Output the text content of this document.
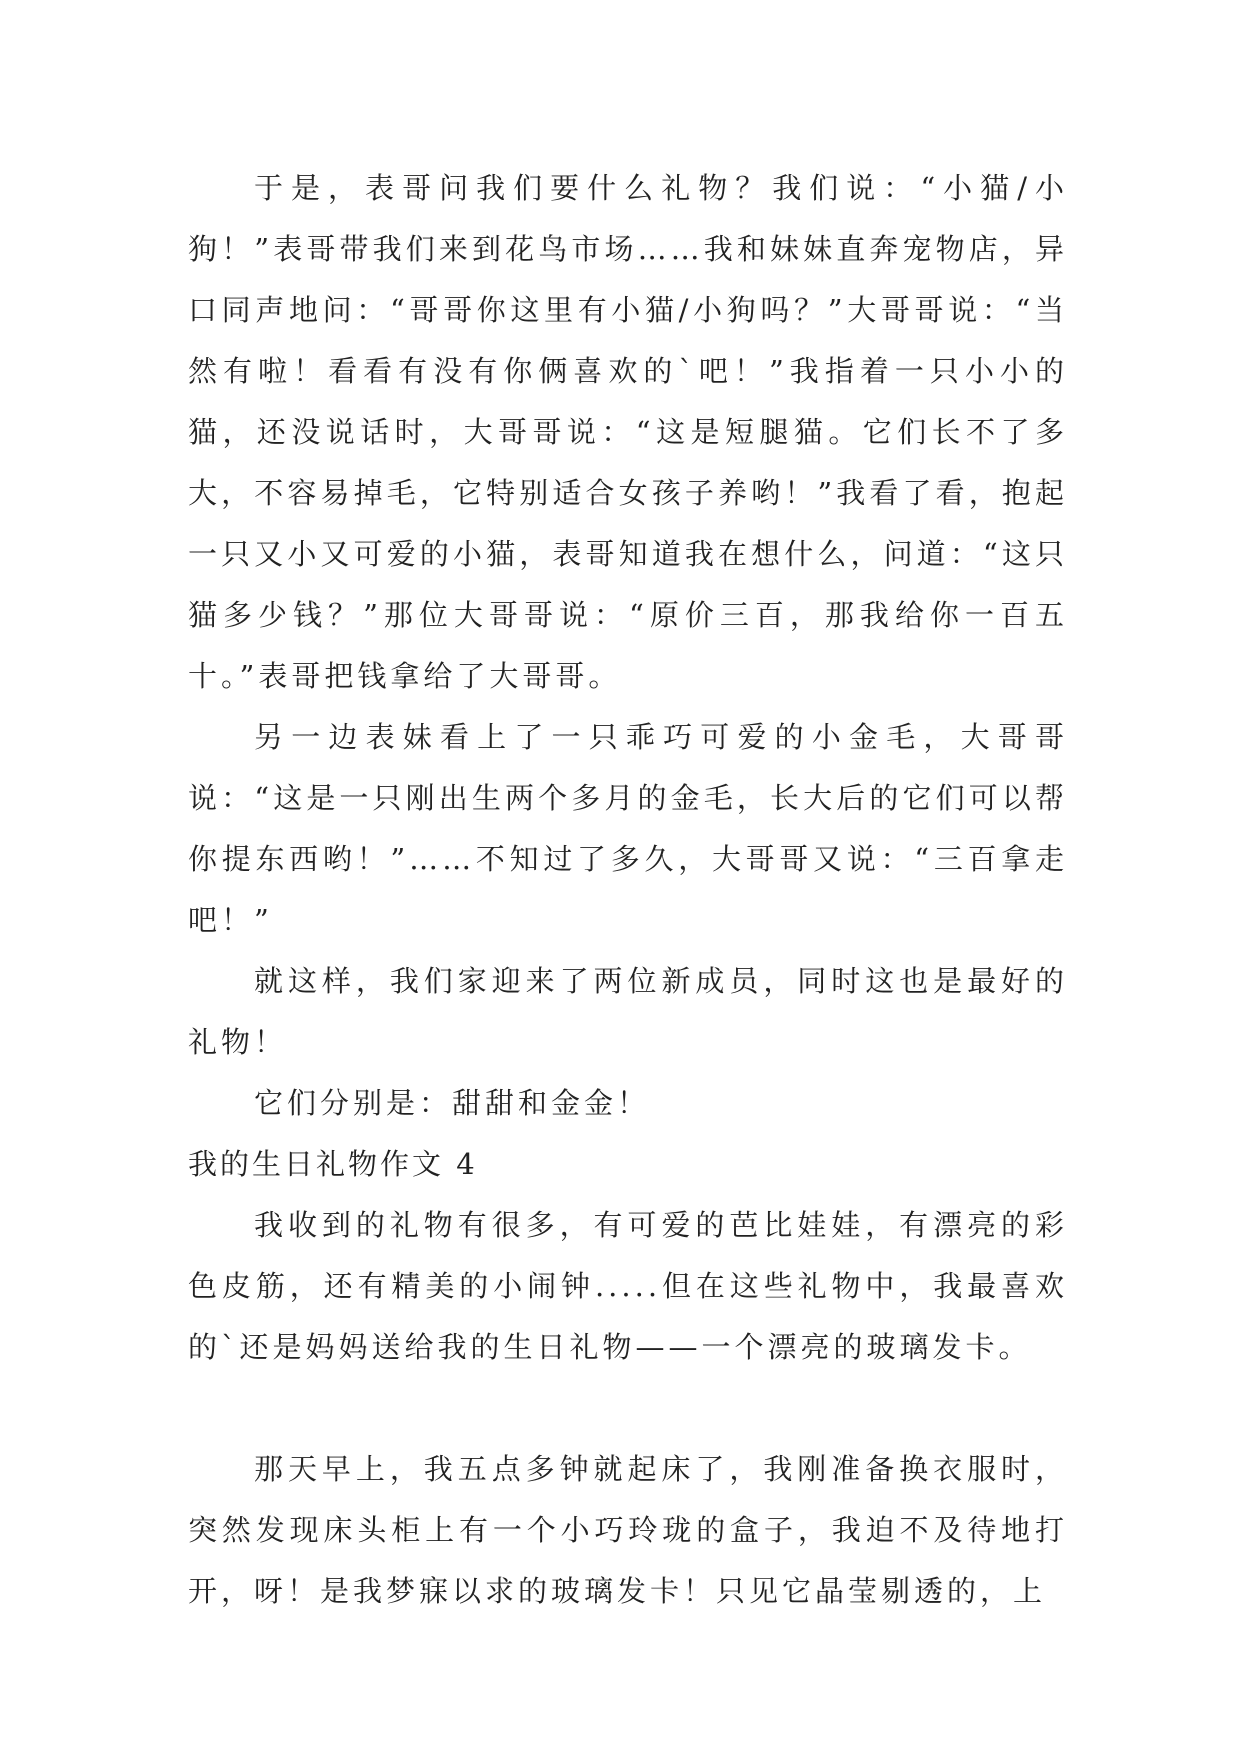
于是，表哥问我们要什么礼物？我们说：“小猫/小狗！”表哥带我们来到花鸟市场……我和妹妹直奔宠物店，异口同声地问：“哥哥你这里有小猫/小狗吗？”大哥哥说：“当然有啦！看看有没有你俩喜欢的`吧！”我指着一只小小的猫，还没说话时，大哥哥说：“这是短腿猫。它们长不了多大，不容易掉毛，它特别适合女孩子养哟！”我看了看，抱起一只又小又可爱的小猫，表哥知道我在想什么，问道：“这只猫多少钱？”那位大哥哥说：“原价三百，那我给你一百五十。”表哥把钱拿给了大哥哥。

另一边表妹看上了一只乖巧可爱的小金毛，大哥哥说：“这是一只刚出生两个多月的金毛，长大后的它们可以帮你提东西哟！”……不知过了多久，大哥哥又说：“三百拿走吧！”

就这样，我们家迎来了两位新成员，同时这也是最好的礼物！

它们分别是：甜甜和金金！

我的生日礼物作文 4

我收到的礼物有很多，有可爱的芭比娃娃，有漂亮的彩色皮筋，还有精美的小闹钟.....但在这些礼物中，我最喜欢的`还是妈妈送给我的生日礼物——一个漂亮的玻璃发卡。

那天早上，我五点多钟就起床了，我刚准备换衣服时，突然发现床头柜上有一个小巧玲珑的盒子，我迫不及待地打开，呀！是我梦寐以求的玻璃发卡！只见它晶莹剔透的，上
